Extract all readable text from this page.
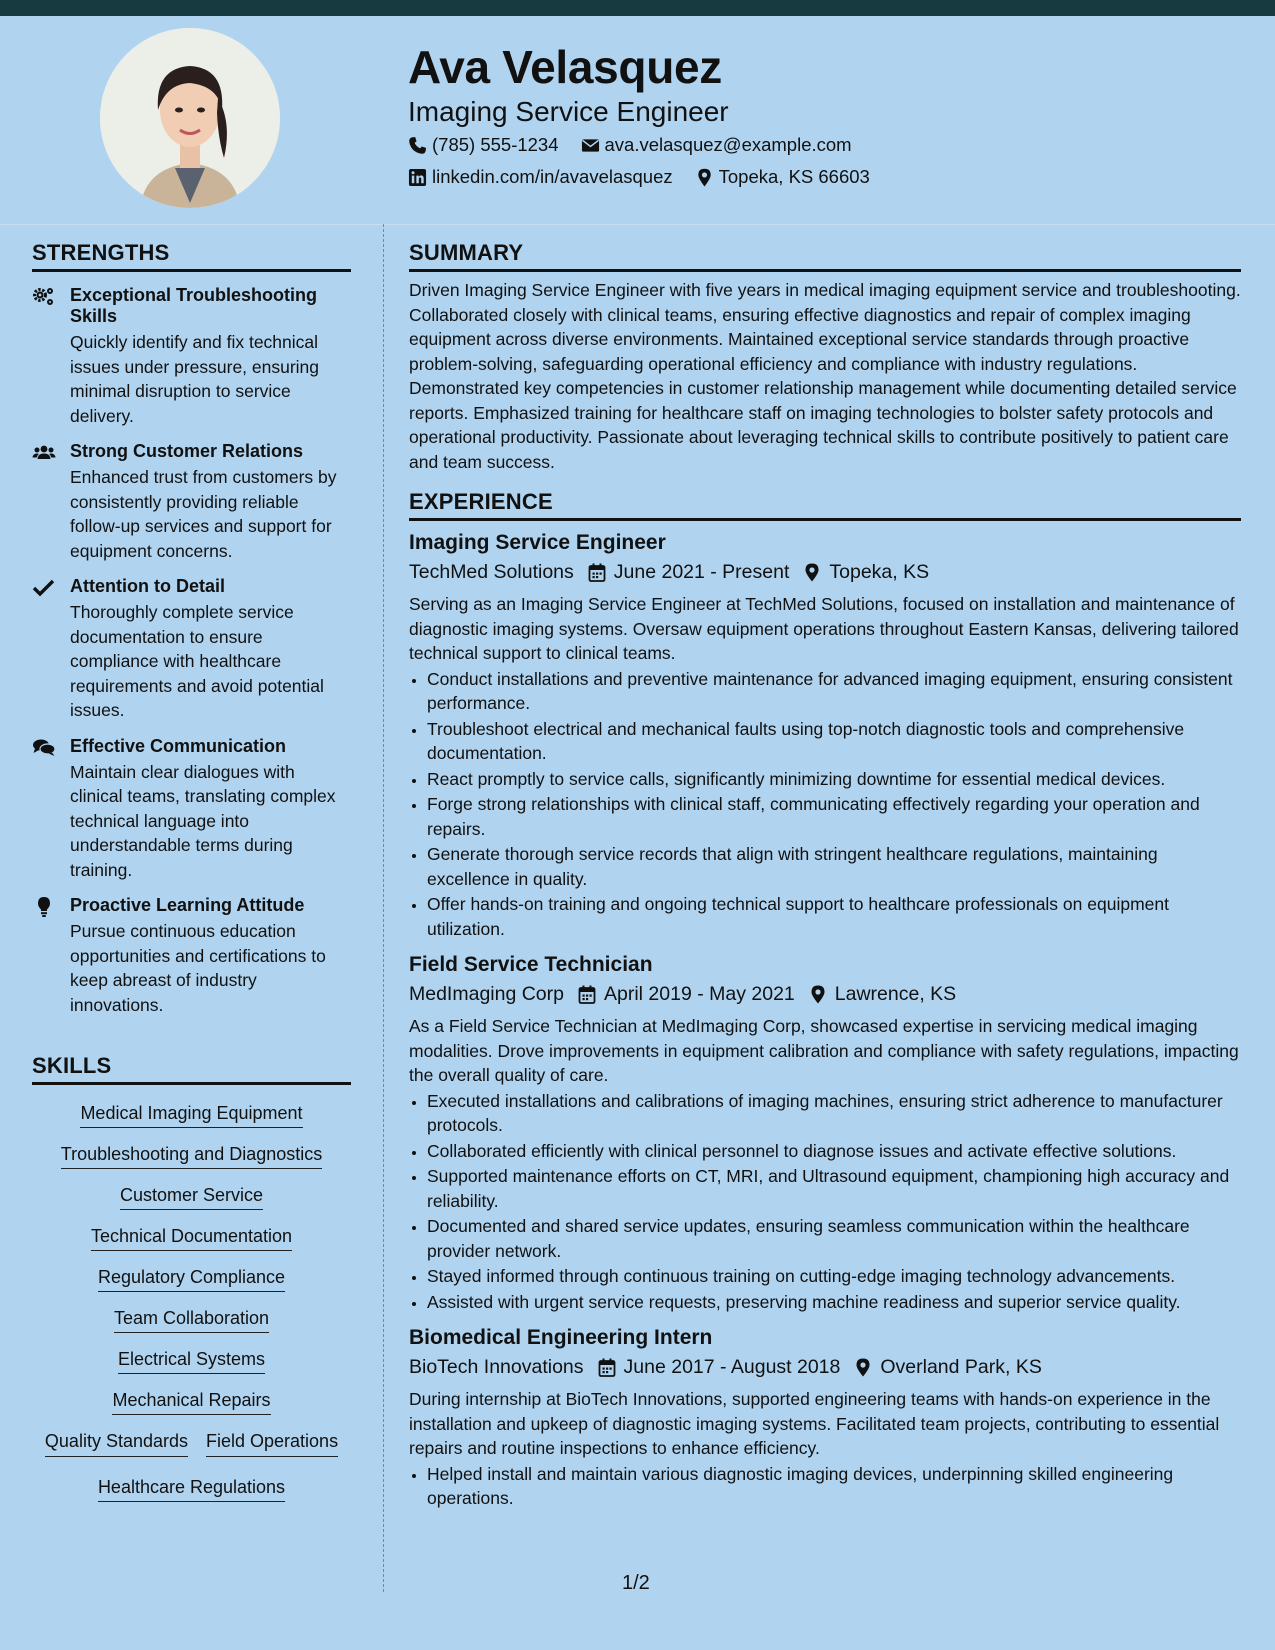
Ava Velasquez
Imaging Service Engineer
(785) 555-1234 ava.velasquez@example.com
linkedin.com/in/avavelasquez Topeka, KS 66603
STRENGTHS
Exceptional Troubleshooting Skills

Quickly identify and fix technical issues under pressure, ensuring minimal disruption to service delivery.

Strong Customer Relations

Enhanced trust from customers by consistently providing reliable follow-up services and support for equipment concerns.

Attention to Detail

Thoroughly complete service documentation to ensure compliance with healthcare requirements and avoid potential issues.

Effective Communication

Maintain clear dialogues with clinical teams, translating complex technical language into understandable terms during training.

Proactive Learning Attitude

Pursue continuous education opportunities and certifications to keep abreast of industry innovations.

SKILLS
Medical Imaging Equipment
Troubleshooting and Diagnostics
Customer Service
Technical Documentation
Regulatory Compliance
Team Collaboration
Electrical Systems
Mechanical Repairs
Quality Standards Field Operations
Healthcare Regulations
SUMMARY

Driven Imaging Service Engineer with five years in medical imaging equipment service and troubleshooting. Collaborated closely with clinical teams, ensuring effective diagnostics and repair of complex imaging equipment across diverse environments. Maintained exceptional service standards through proactive problem-solving, safeguarding operational efficiency and compliance with industry regulations. Demonstrated key competencies in customer relationship management while documenting detailed service reports. Emphasized training for healthcare staff on imaging technologies to bolster safety protocols and operational productivity. Passionate about leveraging technical skills to contribute positively to patient care and team success.

EXPERIENCE
Imaging Service Engineer
TechMed Solutions June 2021 - Present Topeka, KS

Serving as an Imaging Service Engineer at TechMed Solutions, focused on installation and maintenance of diagnostic imaging systems. Oversaw equipment operations throughout Eastern Kansas, delivering tailored technical support to clinical teams.

• Conduct installations and preventive maintenance for advanced imaging equipment, ensuring consistent performance.
• Troubleshoot electrical and mechanical faults using top-notch diagnostic tools and comprehensive documentation.
• React promptly to service calls, significantly minimizing downtime for essential medical devices.
• Forge strong relationships with clinical staff, communicating effectively regarding your operation and repairs.
• Generate thorough service records that align with stringent healthcare regulations, maintaining excellence in quality.
• Offer hands-on training and ongoing technical support to healthcare professionals on equipment utilization.
Field Service Technician
MedImaging Corp April 2019 - May 2021 Lawrence, KS

As a Field Service Technician at MedImaging Corp, showcased expertise in servicing medical imaging modalities. Drove improvements in equipment calibration and compliance with safety regulations, impacting the overall quality of care.

• Executed installations and calibrations of imaging machines, ensuring strict adherence to manufacturer protocols.
• Collaborated efficiently with clinical personnel to diagnose issues and activate effective solutions.
• Supported maintenance efforts on CT, MRI, and Ultrasound equipment, championing high accuracy and reliability.
• Documented and shared service updates, ensuring seamless communication within the healthcare provider network.
• Stayed informed through continuous training on cutting-edge imaging technology advancements.
• Assisted with urgent service requests, preserving machine readiness and superior service quality.
Biomedical Engineering Intern
BioTech Innovations June 2017 - August 2018 Overland Park, KS

During internship at BioTech Innovations, supported engineering teams with hands-on experience in the installation and upkeep of diagnostic imaging systems. Facilitated team projects, contributing to essential repairs and routine inspections to enhance efficiency.

• Helped install and maintain various diagnostic imaging devices, underpinning skilled engineering operations.
1/2
